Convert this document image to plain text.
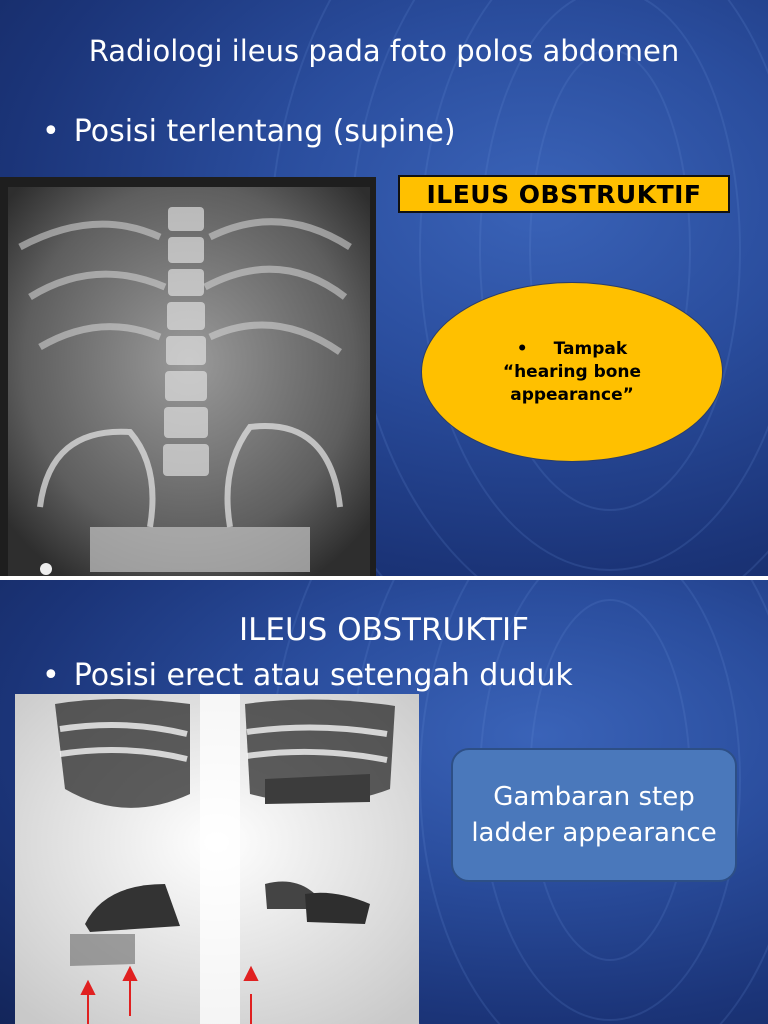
Radiologi ileus pada foto polos abdomen
• Posisi terlentang (supine)
ILEUS OBSTRUKTIF
• Tampak
“hearing bone
appearance”
ILEUS OBSTRUKTIF
• Posisi erect atau setengah duduk
Gambaran step ladder appearance
